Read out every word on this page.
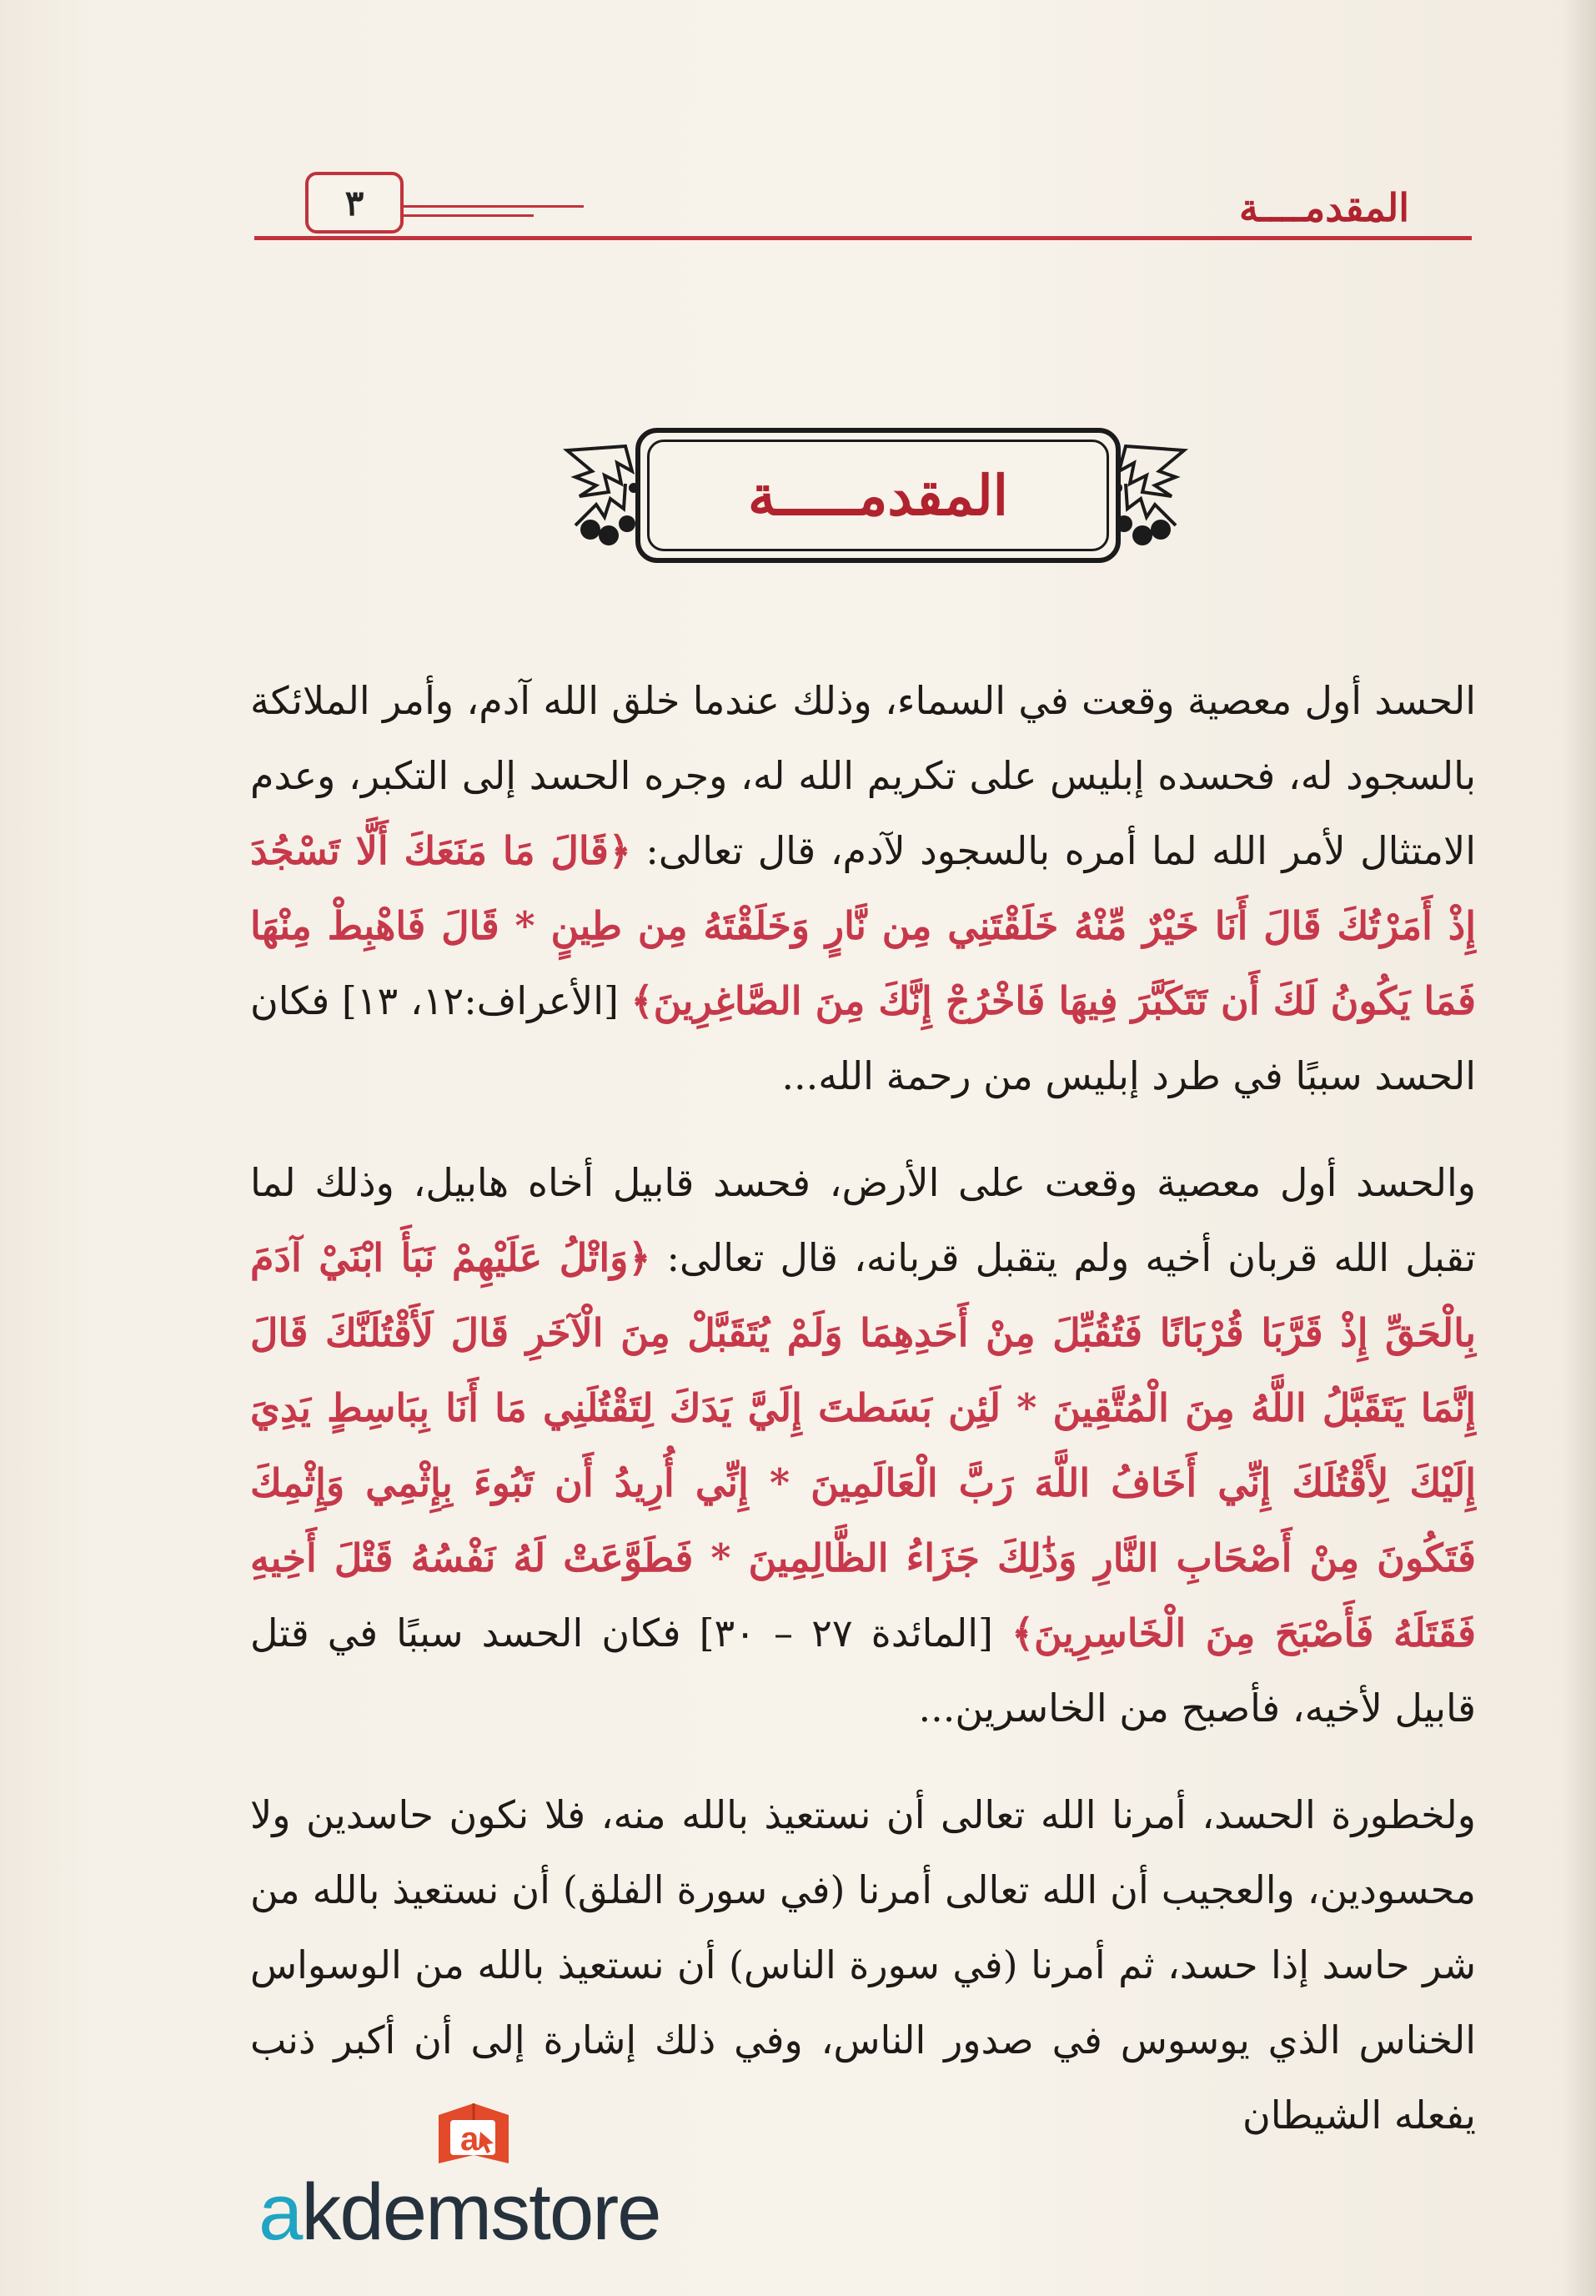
المقدمــــة
٣
المقدمـــــة

الحسد أول معصية وقعت في السماء، وذلك عندما خلق الله آدم، وأمر الملائكة بالسجود له، فحسده إبليس على تكريم الله له، وجره الحسد إلى التكبر، وعدم الامتثال لأمر الله لما أمره بالسجود لآدم، قال تعالى: ﴿قَالَ مَا مَنَعَكَ أَلَّا تَسْجُدَ إِذْ أَمَرْتُكَ قَالَ أَنَا خَيْرٌ مِّنْهُ خَلَقْتَنِي مِن نَّارٍ وَخَلَقْتَهُ مِن طِينٍ * قَالَ فَاهْبِطْ مِنْهَا فَمَا يَكُونُ لَكَ أَن تَتَكَبَّرَ فِيهَا فَاخْرُجْ إِنَّكَ مِنَ الصَّاغِرِينَ﴾ [الأعراف:١٢، ١٣] فكان الحسد سببًا في طرد إبليس من رحمة الله...

والحسد أول معصية وقعت على الأرض، فحسد قابيل أخاه هابيل، وذلك لما تقبل الله قربان أخيه ولم يتقبل قربانه، قال تعالى: ﴿وَاتْلُ عَلَيْهِمْ نَبَأَ ابْنَيْ آدَمَ بِالْحَقِّ إِذْ قَرَّبَا قُرْبَانًا فَتُقُبِّلَ مِنْ أَحَدِهِمَا وَلَمْ يُتَقَبَّلْ مِنَ الْآخَرِ قَالَ لَأَقْتُلَنَّكَ قَالَ إِنَّمَا يَتَقَبَّلُ اللَّهُ مِنَ الْمُتَّقِينَ * لَئِن بَسَطتَ إِلَيَّ يَدَكَ لِتَقْتُلَنِي مَا أَنَا بِبَاسِطٍ يَدِيَ إِلَيْكَ لِأَقْتُلَكَ إِنِّي أَخَافُ اللَّهَ رَبَّ الْعَالَمِينَ * إِنِّي أُرِيدُ أَن تَبُوءَ بِإِثْمِي وَإِثْمِكَ فَتَكُونَ مِنْ أَصْحَابِ النَّارِ وَذَٰلِكَ جَزَاءُ الظَّالِمِينَ * فَطَوَّعَتْ لَهُ نَفْسُهُ قَتْلَ أَخِيهِ فَقَتَلَهُ فَأَصْبَحَ مِنَ الْخَاسِرِينَ﴾ [المائدة ٢٧ – ٣٠] فكان الحسد سببًا في قتل قابيل لأخيه، فأصبح من الخاسرين...

ولخطورة الحسد، أمرنا الله تعالى أن نستعيذ بالله منه، فلا نكون حاسدين ولا محسودين، والعجيب أن الله تعالى أمرنا (في سورة الفلق) أن نستعيذ بالله من شر حاسد إذا حسد، ثم أمرنا (في سورة الناس) أن نستعيذ بالله من الوسواس الخناس الذي يوسوس في صدور الناس، وفي ذلك إشارة إلى أن أكبر ذنب يفعله الشيطان

a
akdemstore
